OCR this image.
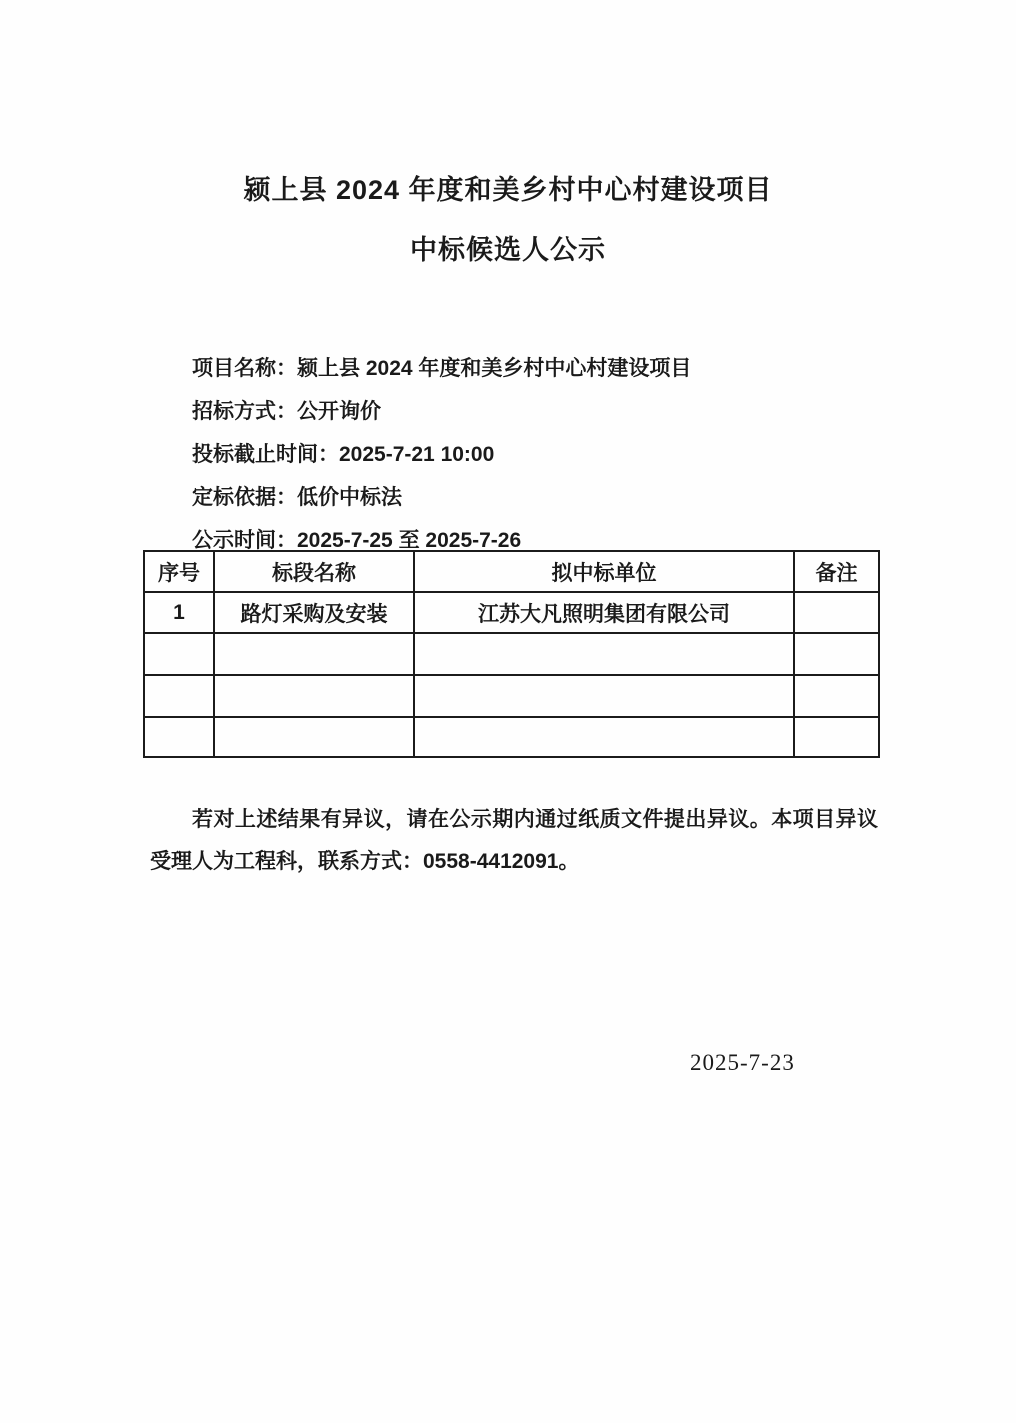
颍上县 2024 年度和美乡村中心村建设项目
中标候选人公示
项目名称：颍上县 2024 年度和美乡村中心村建设项目
招标方式：公开询价
投标截止时间：2025-7-21 10:00
定标依据：低价中标法
公示时间：2025-7-25 至 2025-7-26
序号	标段名称	拟中标单位	备注
1	路灯采购及安装	江苏大凡照明集团有限公司	

若对上述结果有异议，请在公示期内通过纸质文件提出异议。本项目异议受理人为工程科，联系方式：0558-4412091。

2025-7-23
